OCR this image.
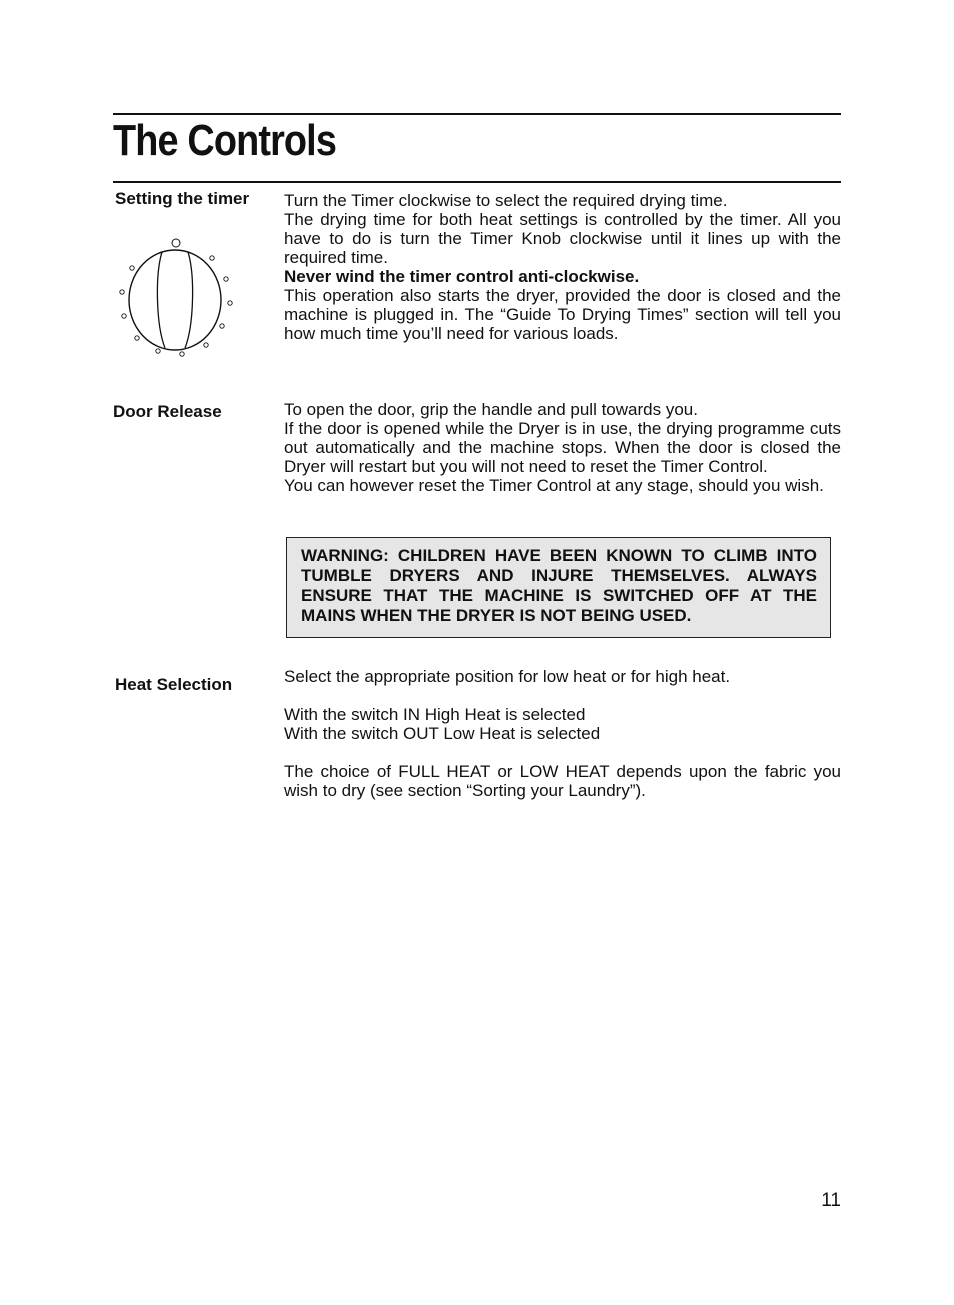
The Controls
Setting the timer Turn the Timer clockwise to select the required drying time.

The drying time for both heat settings is controlled by the timer. All you have to do is turn the Timer Knob clockwise until it lines up with the required time.

Never wind the timer control anti-clockwise.

This operation also starts the dryer, provided the door is closed and the machine is plugged in. The “Guide To Drying Times” section will tell you how much time you’ll need for various loads.

Door Release	To open the door, grip the handle and pull towards you.

If the door is opened while the Dryer is in use, the drying programme cuts out automatically and the machine stops. When the door is closed the Dryer will restart but you will not need to reset the Timer Control.

You can however reset the Timer Control at any stage, should you wish.

WARNING: CHILDREN HAVE BEEN KNOWN TO CLIMB INTO TUMBLE DRYERS AND INJURE THEMSELVES. ALWAYS ENSURE THAT THE MACHINE IS SWITCHED OFF AT THE MAINS WHEN THE DRYER IS NOT BEING USED.
Heat Selection	Select the appropriate position for low heat or for high heat.

With the switch IN High Heat is selected

With the switch OUT Low Heat is selected

The choice of FULL HEAT or LOW HEAT depends upon the fabric you wish to dry (see section “Sorting your Laundry”).

11
